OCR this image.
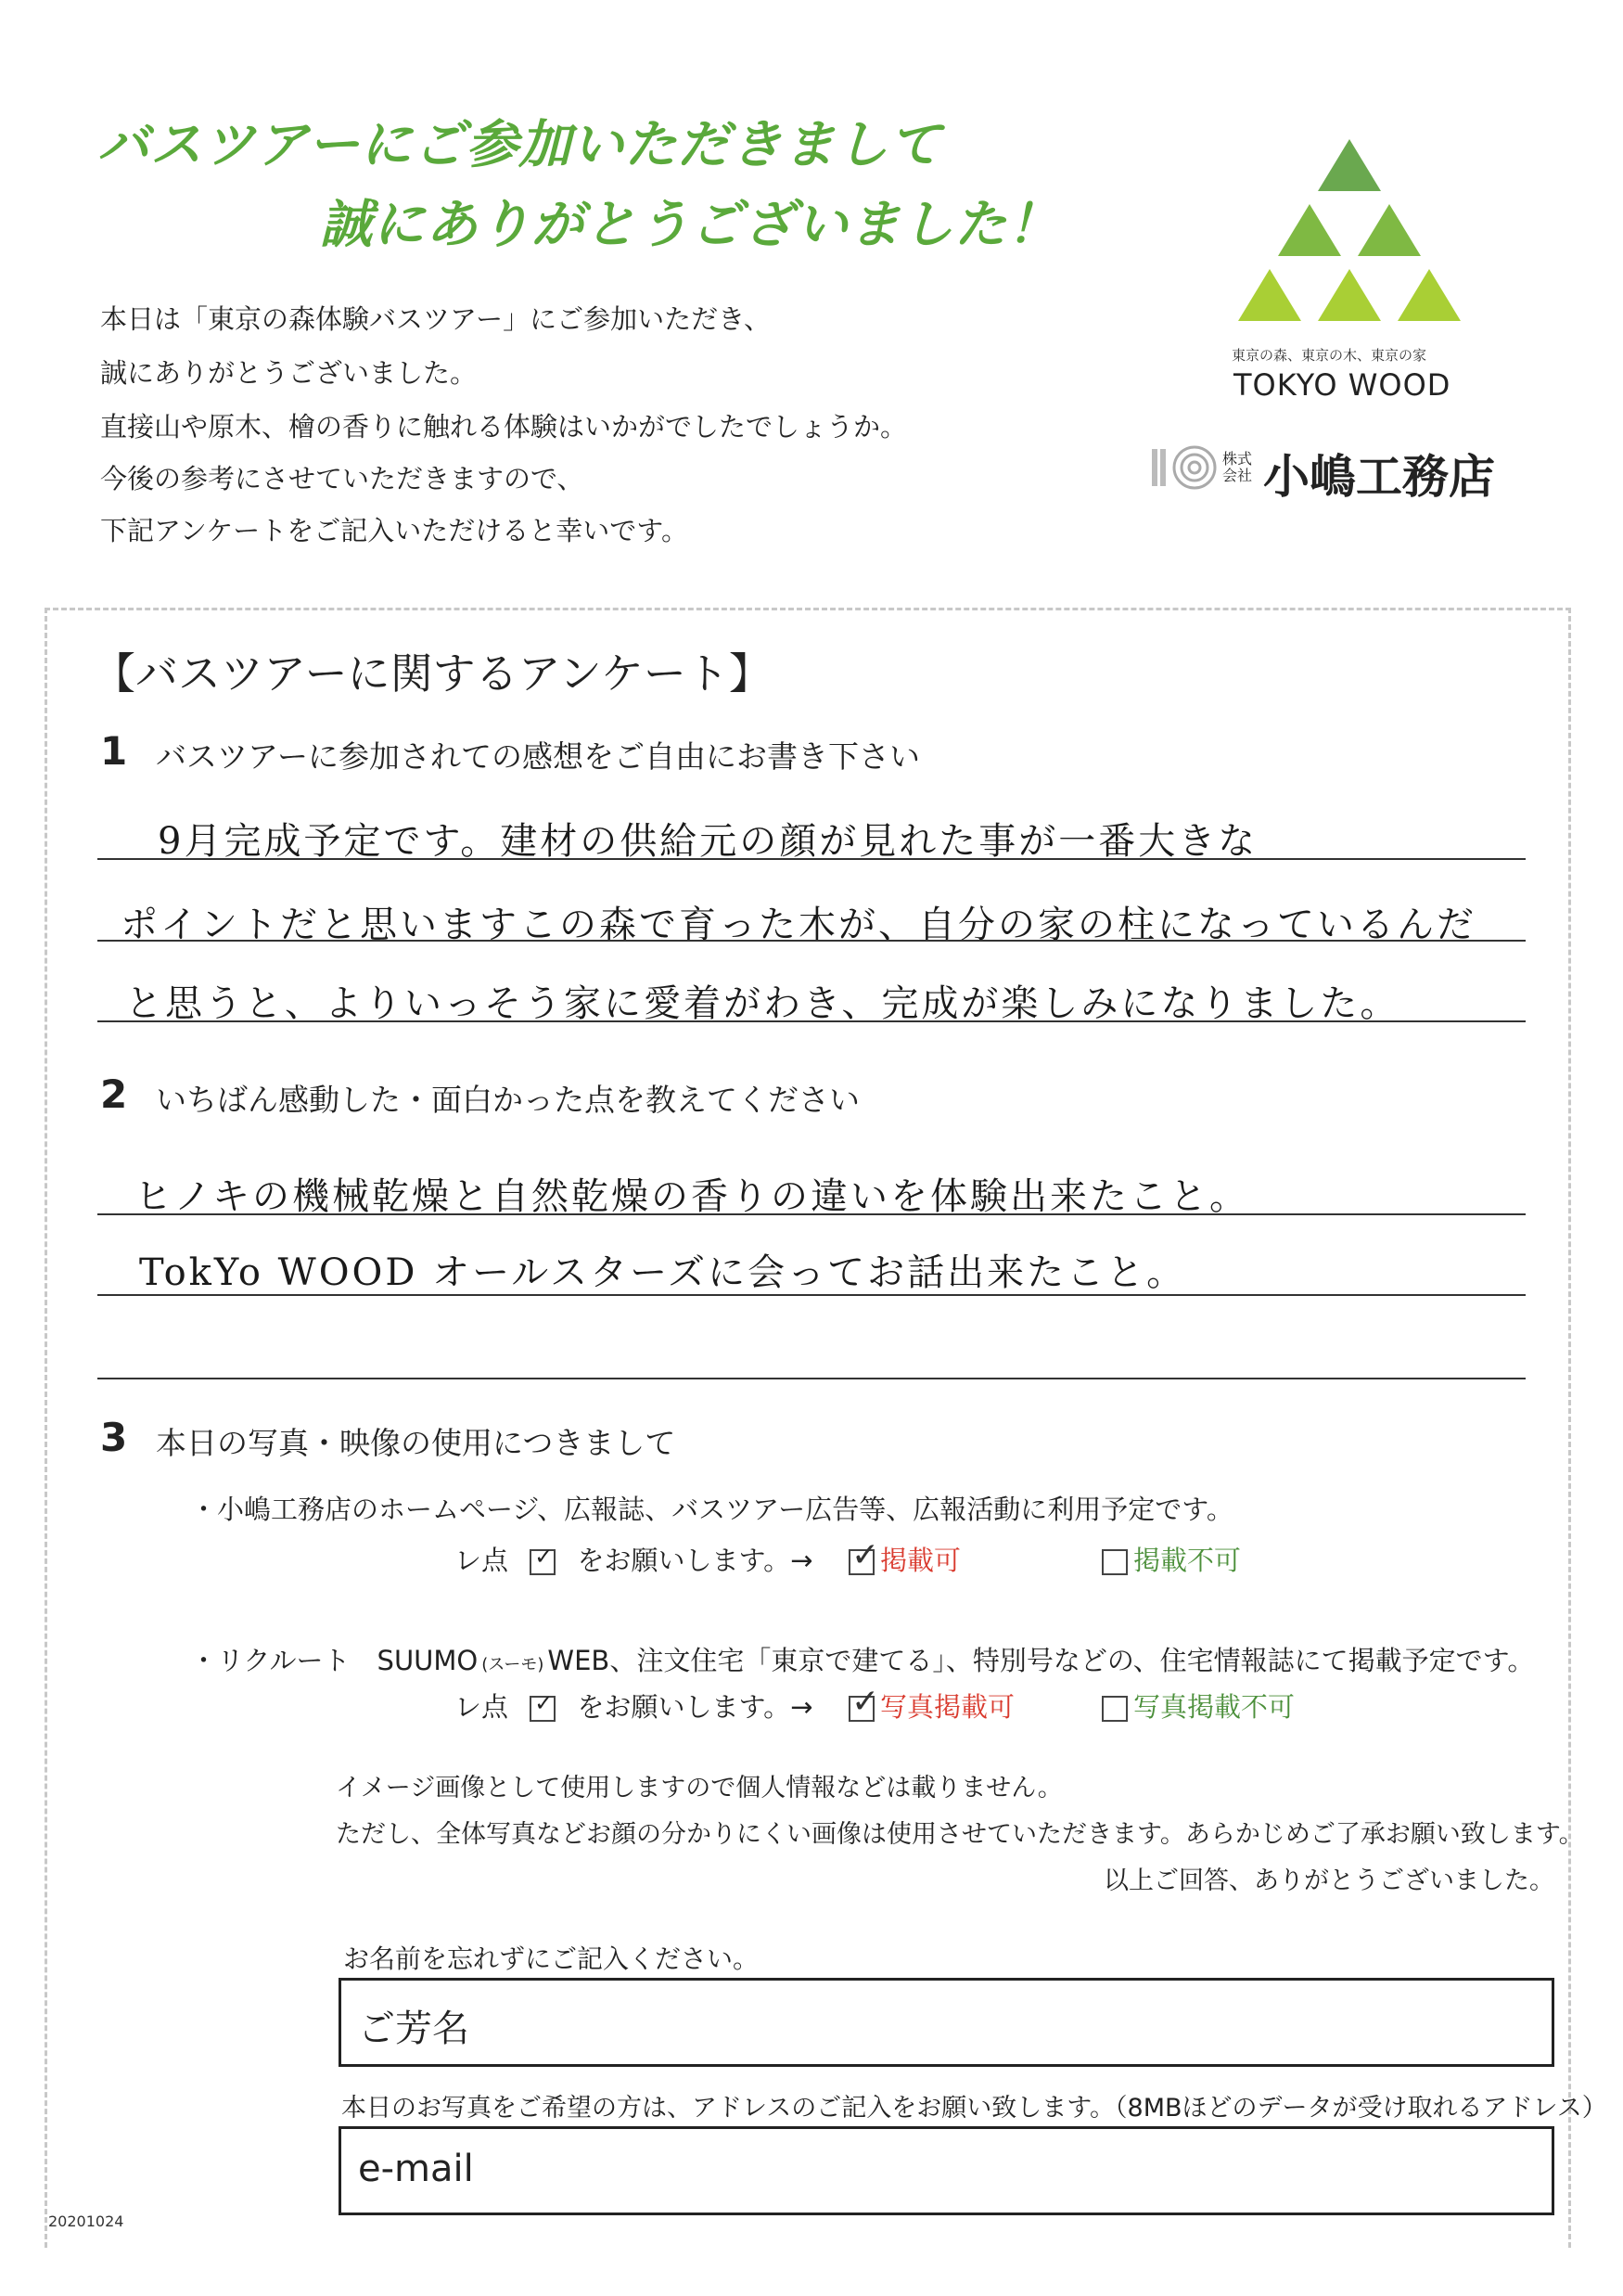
バスツアーにご参加いただきまして
誠にありがとうございました！
本日は「東京の森体験バスツアー」にご参加いただき、
誠にありがとうございました。
直接山や原木、檜の香りに触れる体験はいかがでしたでしょうか。
今後の参考にさせていただきますので、
下記アンケートをご記入いただけると幸いです。
東京の森、東京の木、東京の家
TOKYO WOOD
株式会社 小嶋工務店
【バスツアーに関するアンケート】
1 バスツアーに参加されての感想をご自由にお書き下さい
9月完成予定です。建材の供給元の顔が見れた事が一番大きな
ポイントだと思いますこの森で育った木が、自分の家の柱になっているんだ
と思うと、よりいっそう家に愛着がわき、完成が楽しみになりました。
2 いちばん感動した・面白かった点を教えてください
ヒノキの機械乾燥と自然乾燥の香りの違いを体験出来たこと。
TokYo WOOD オールスターズに会ってお話出来たこと。
3 本日の写真・映像の使用につきまして
・小嶋工務店のホームページ、広報誌、バスツアー広告等、広報活動に利用予定です。
レ点 ✓ をお願いします。→ ✓ 掲載可	掲載不可
・リクルート　SUUMO (スーモ) WEB、注文住宅「東京で建てる」、特別号などの、住宅情報誌にて掲載予定です。
レ点 ✓ をお願いします。→ ✓ 写真掲載可	写真掲載不可
イメージ画像として使用しますので個人情報などは載りません。
ただし、全体写真などお顔の分かりにくい画像は使用させていただきます。あらかじめご了承お願い致します。
以上ご回答、ありがとうございました。
お名前を忘れずにご記入ください。
ご芳名
本日のお写真をご希望の方は、アドレスのご記入をお願い致します。（8MBほどのデータが受け取れるアドレス）
e-mail
20201024
